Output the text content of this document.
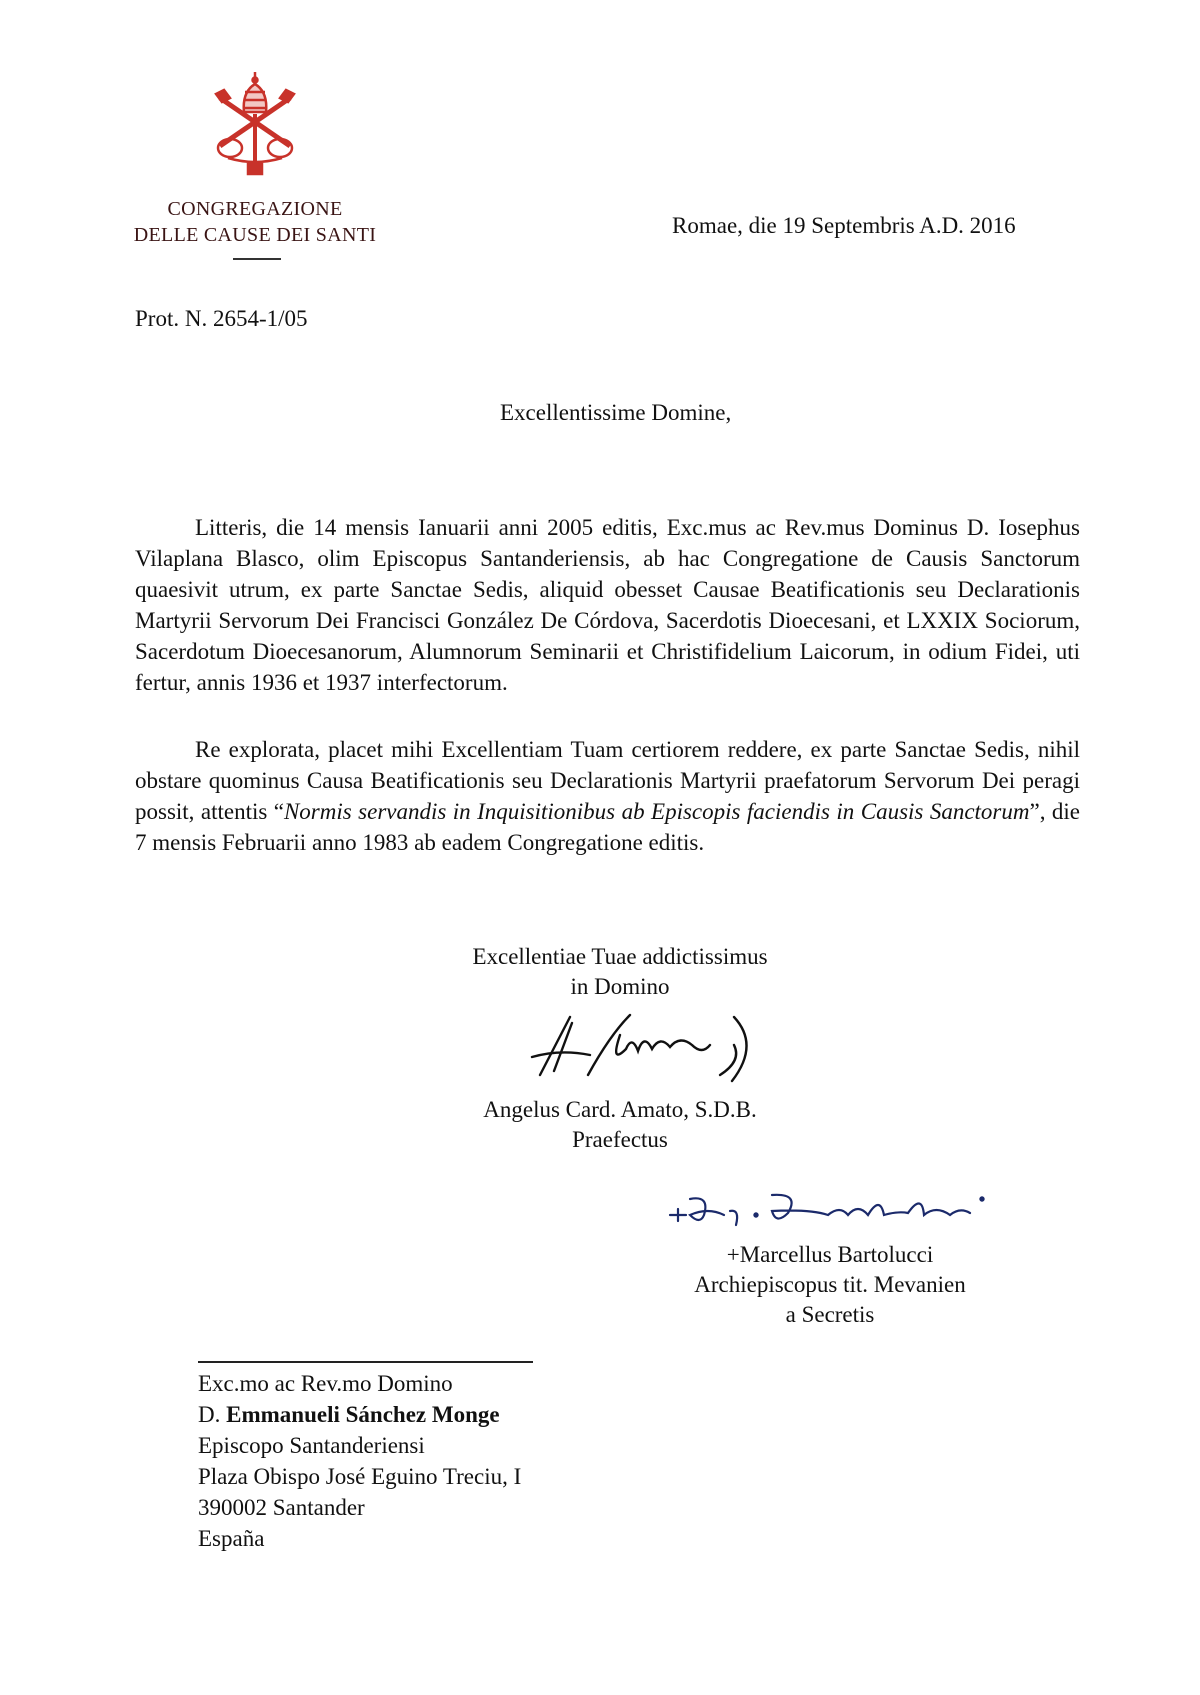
CONGREGAZIONE
DELLE CAUSE DEI SANTI	Romae, die 19 Septembris A.D. 2016
Prot. N. 2654-1/05
Excellentissime Domine,

Litteris, die 14 mensis Ianuarii anni 2005 editis, Exc.mus ac Rev.mus Dominus D. Iosephus Vilaplana Blasco, olim Episcopus Santanderiensis, ab hac Congregatione de Causis Sanctorum quaesivit utrum, ex parte Sanctae Sedis, aliquid obesset Causae Beatificationis seu Declarationis Martyrii Servorum Dei Francisci González De Córdova, Sacerdotis Dioecesani, et LXXIX Sociorum, Sacerdotum Dioecesanorum, Alumnorum Seminarii et Christifidelium Laicorum, in odium Fidei, uti fertur, annis 1936 et 1937 interfectorum.

Re explorata, placet mihi Excellentiam Tuam certiorem reddere, ex parte Sanctae Sedis, nihil obstare quominus Causa Beatificationis seu Declarationis Martyrii praefatorum Servorum Dei peragi possit, attentis “Normis servandis in Inquisitionibus ab Episcopis faciendis in Causis Sanctorum”, die 7 mensis Februarii anno 1983 ab eadem Congregatione editis.

Excellentiae Tuae addictissimus
in Domino
Angelus Card. Amato, S.D.B.
Praefectus
+Marcellus Bartolucci
Archiepiscopus tit. Mevanien
a Secretis
Exc.mo ac Rev.mo Domino
D. Emmanueli Sánchez Monge
Episcopo Santanderiensi
Plaza Obispo José Eguino Treciu, I
390002 Santander
España
